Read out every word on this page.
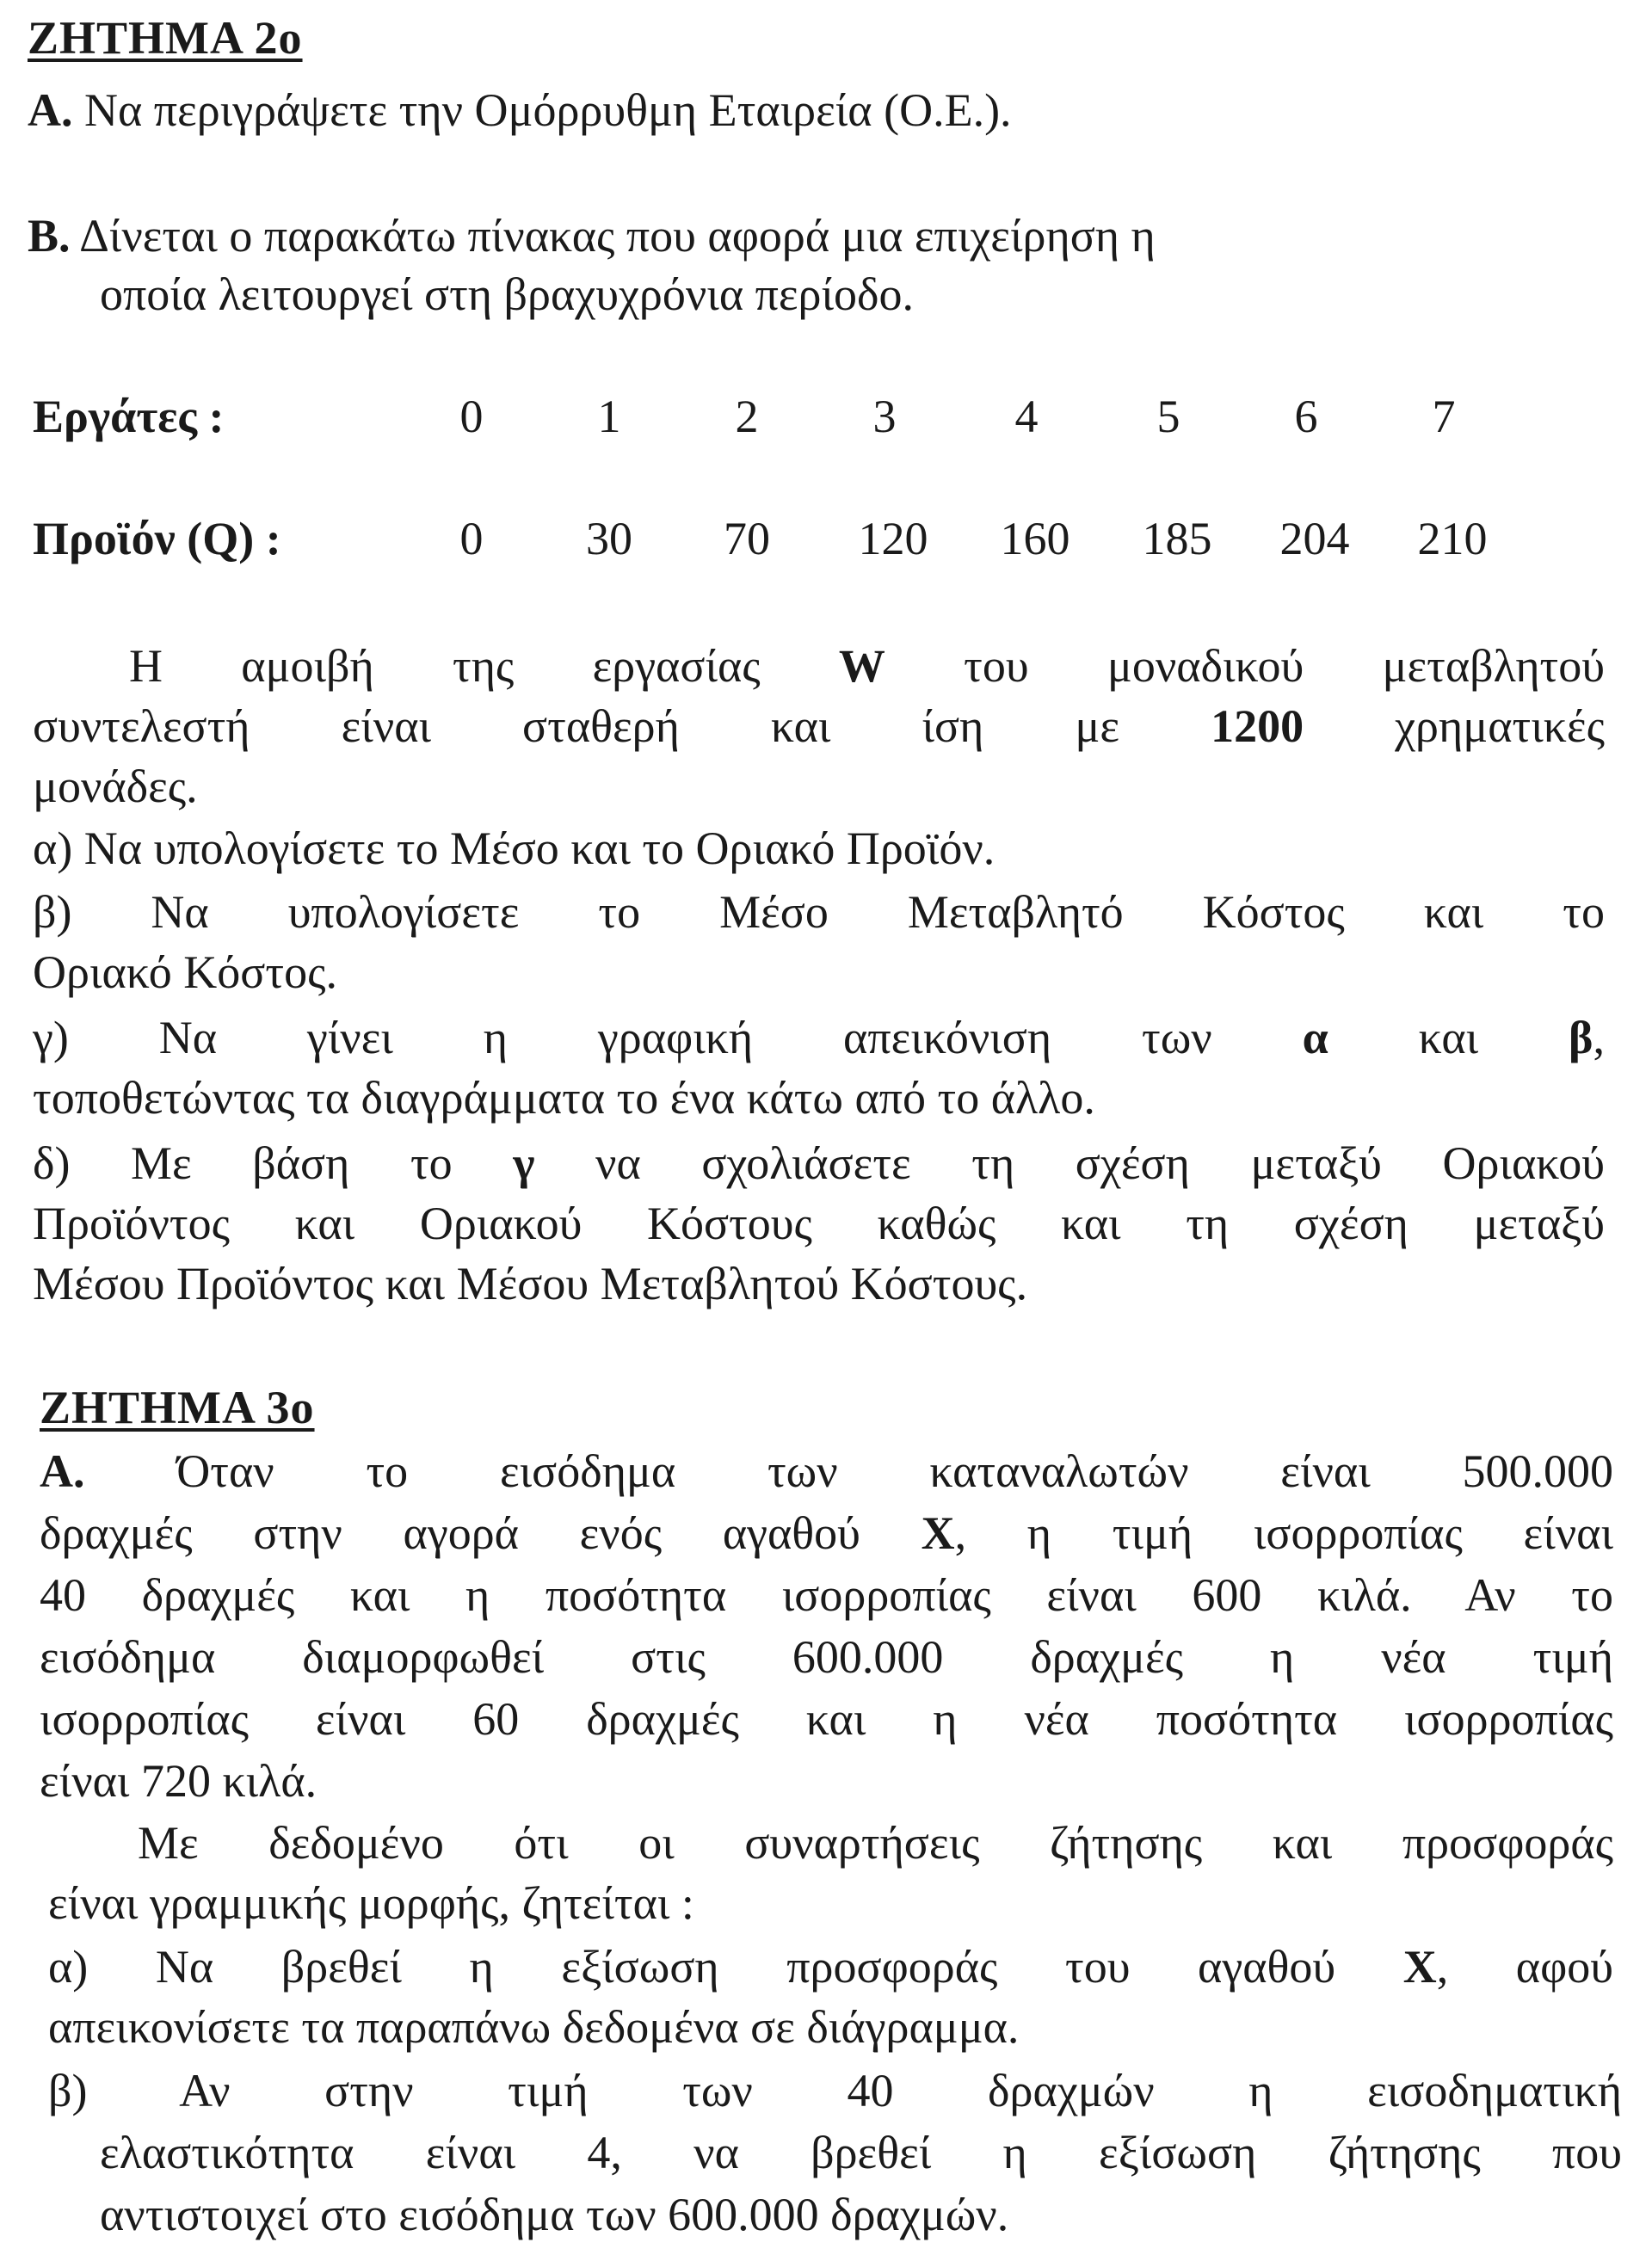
ΖΗΤΗΜΑ 2ο
Α. Να περιγράψετε την Ομόρρυθμη Εταιρεία (Ο.Ε.).
Β. Δίνεται ο παρακάτω πίνακας που αφορά μια επιχείρηση η
οποία λειτουργεί στη βραχυχρόνια περίοδο.
Εργάτες :	0	1	2	3	4	5	6	7
Προϊόν (Q) :	0	30	70	120	160	185	204	210
Η αμοιβή της εργασίας W του μοναδικού μεταβλητού
συντελεστή είναι σταθερή και ίση με 1200 χρηματικές
μονάδες.
α) Να υπολογίσετε το Μέσο και το Οριακό Προϊόν.
β) Να υπολογίσετε το Μέσο Μεταβλητό Κόστος και το
Οριακό Κόστος.
γ) Να γίνει η γραφική απεικόνιση των α και β,
τοποθετώντας τα διαγράμματα το ένα κάτω από το άλλο.
δ) Με βάση το γ να σχολιάσετε τη σχέση μεταξύ Οριακού
Προϊόντος και Οριακού Κόστους καθώς και τη σχέση μεταξύ
Μέσου Προϊόντος και Μέσου Μεταβλητού Κόστους.
ΖΗΤΗΜΑ 3ο
Α. Όταν το εισόδημα των καταναλωτών είναι 500.000
δραχμές στην αγορά ενός αγαθού Χ, η τιμή ισορροπίας είναι
40 δραχμές και η ποσότητα ισορροπίας είναι 600 κιλά. Αν το
εισόδημα διαμορφωθεί στις 600.000 δραχμές η νέα τιμή
ισορροπίας είναι 60 δραχμές και η νέα ποσότητα ισορροπίας
είναι 720 κιλά.
Με δεδομένο ότι οι συναρτήσεις ζήτησης και προσφοράς
είναι γραμμικής μορφής, ζητείται :
α) Να βρεθεί η εξίσωση προσφοράς του αγαθού Χ, αφού
απεικονίσετε τα παραπάνω δεδομένα σε διάγραμμα.
β) Αν στην τιμή των 40 δραχμών η εισοδηματική
ελαστικότητα είναι 4, να βρεθεί η εξίσωση ζήτησης που
αντιστοιχεί στο εισόδημα των 600.000 δραχμών.
